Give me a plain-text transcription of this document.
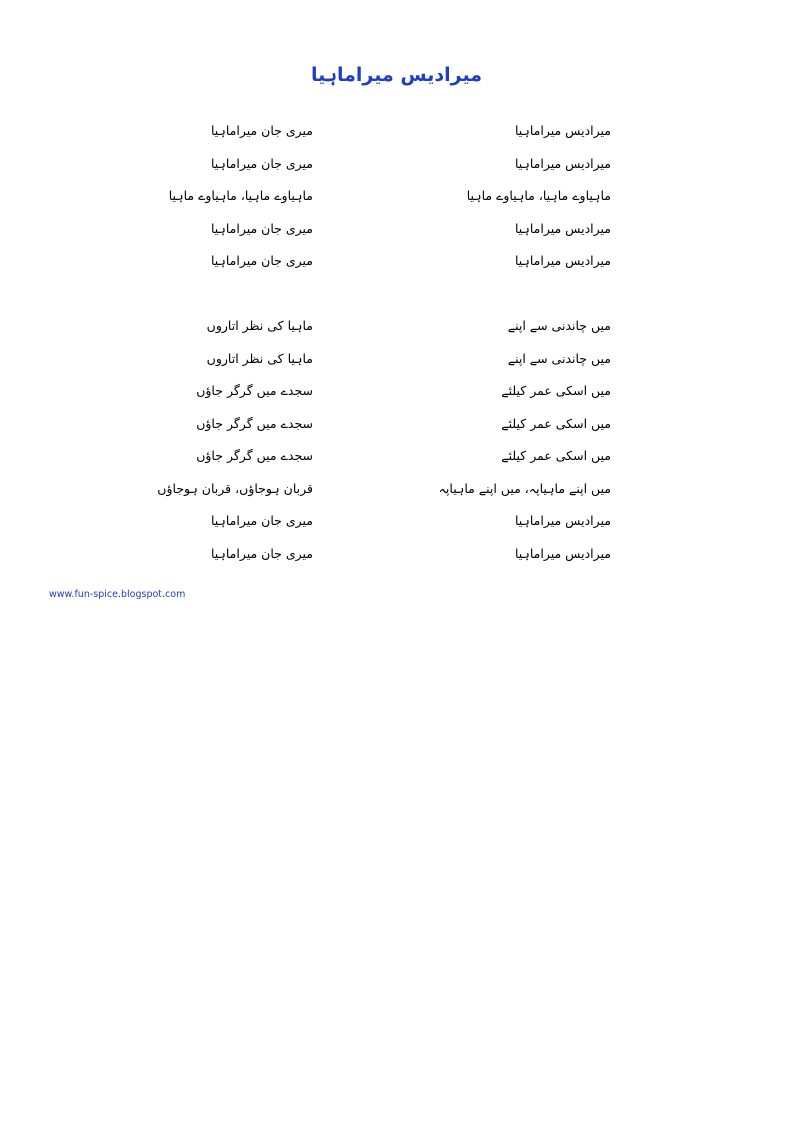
میرادیس میراماہیا
میرادیس میراماہیا
میری جان میراماہیا
میرادیس میراماہیا
میری جان میراماہیا
ماہیاوے ماہیا، ماہیاوے ماہیا
ماہیاوے ماہیا، ماہیاوے ماہیا
میرادیس میراماہیا
میری جان میراماہیا
میرادیس میراماہیا
میری جان میراماہیا
میں چاندنی سے اپنے
ماہیا کی نظر اتاروں
میں چاندنی سے اپنے
ماہیا کی نظر اتاروں
میں اسکی عمر کیلئے
سجدے میں گرگر جاؤں
میں اسکی عمر کیلئے
سجدے میں گرگر جاؤں
میں اسکی عمر کیلئے
سجدے میں گرگر جاؤں
میں اپنے ماہیاپہ، میں اپنے ماہیاپہ
قربان ہوجاؤں، قربان ہوجاؤں
میرادیس میراماہیا
میری جان میراماہیا
میرادیس میراماہیا
میری جان میراماہیا
www.fun-spice.blogspot.com
